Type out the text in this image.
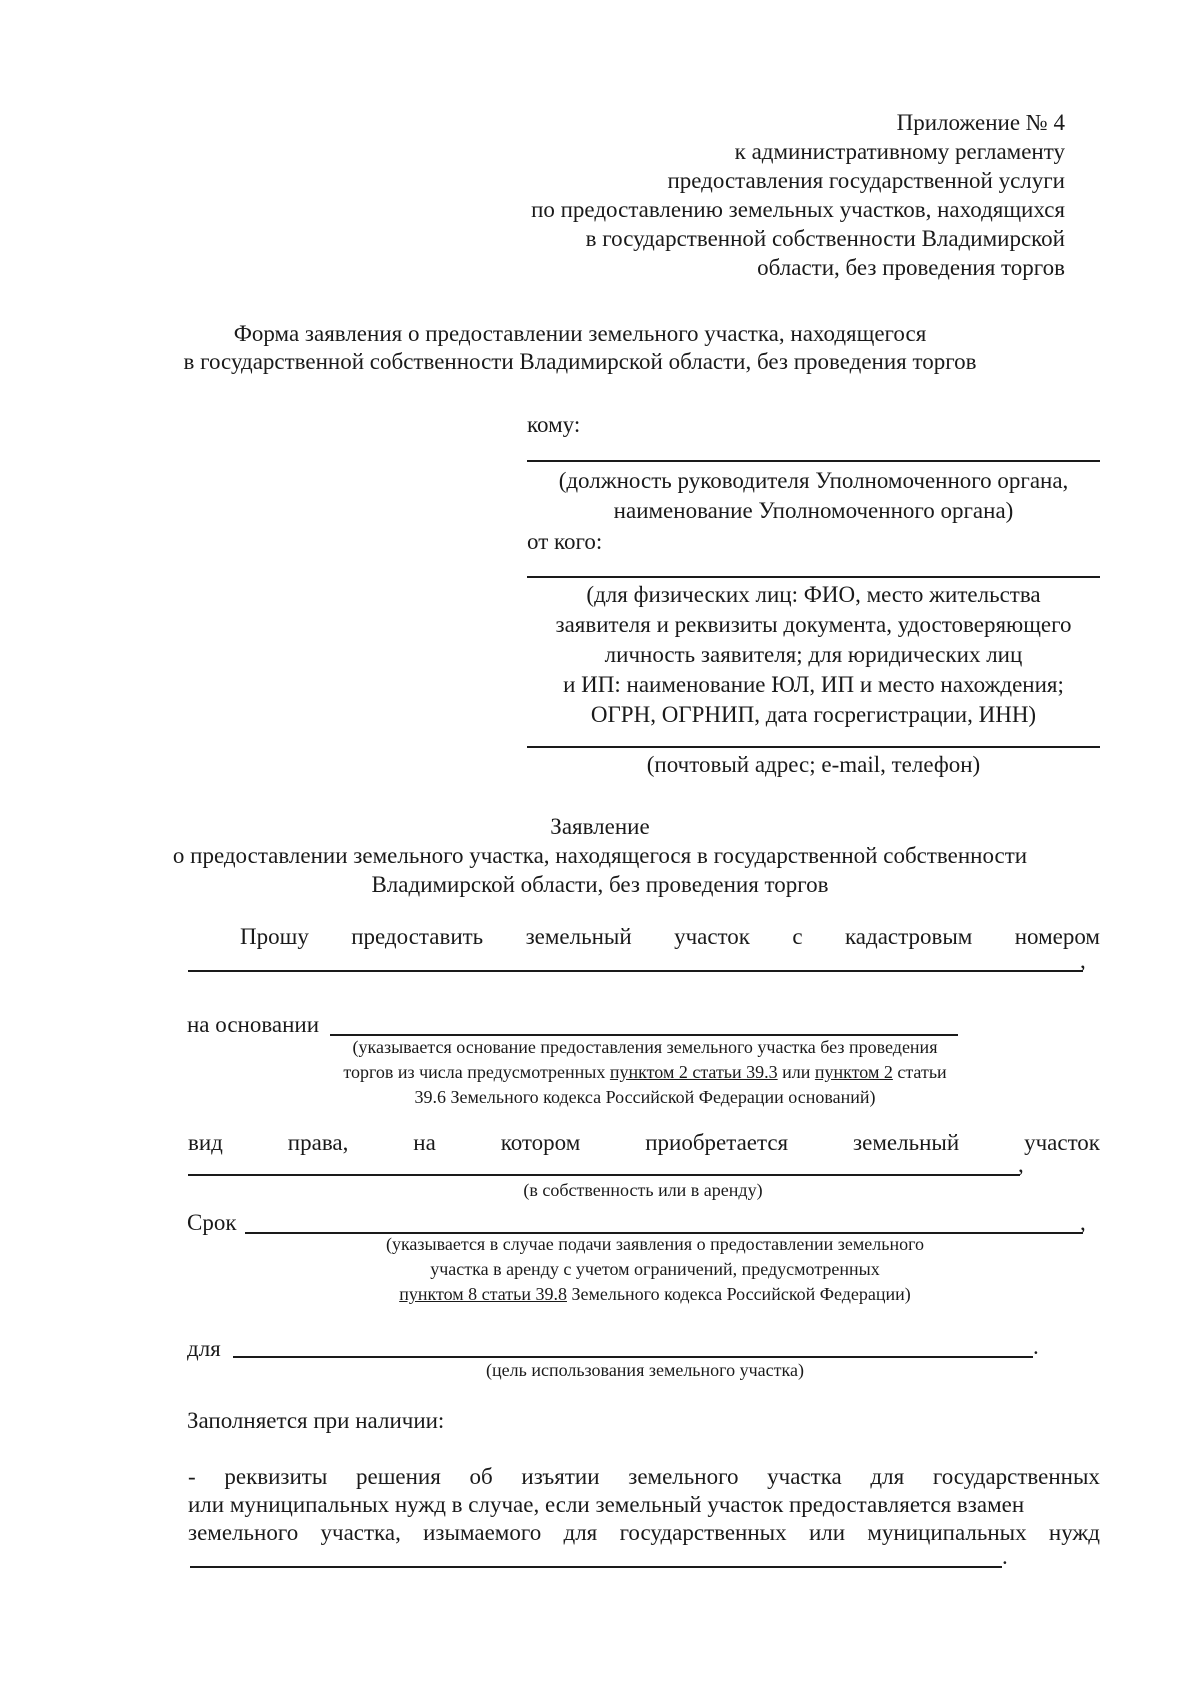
Приложение № 4
к административному регламенту
предоставления государственной услуги
по предоставлению земельных участков, находящихся
в государственной собственности Владимирской
области, без проведения торгов
Форма заявления о предоставлении земельного участка, находящегося
в государственной собственности Владимирской области, без проведения торгов
кому:
(должность руководителя Уполномоченного органа,
наименование Уполномоченного органа)
от кого:
(для физических лиц: ФИО, место жительства
заявителя и реквизиты документа, удостоверяющего
личность заявителя; для юридических лиц
и ИП: наименование ЮЛ, ИП и место нахождения;
ОГРН, ОГРНИП, дата госрегистрации, ИНН)
(почтовый адрес; e-mail, телефон)
Заявление
о предоставлении земельного участка, находящегося в государственной собственности
Владимирской области, без проведения торгов
Прошу предоставить земельный участок с кадастровым номером
,
на основании
(указывается основание предоставления земельного участка без проведения
торгов из числа предусмотренных пунктом 2 статьи 39.3 или пунктом 2 статьи
39.6 Земельного кодекса Российской Федерации оснований)
вид	права,	на	котором	приобретается	земельный	участок
,
(в собственность или в аренду)
Срок	,
(указывается в случае подачи заявления о предоставлении земельного
участка в аренду с учетом ограничений, предусмотренных
пунктом 8 статьи 39.8 Земельного кодекса Российской Федерации)
для	.
(цель использования земельного участка)
Заполняется при наличии:
- реквизиты решения об изъятии земельного участка для государственных
или муниципальных нужд в случае, если земельный участок предоставляется взамен
земельного участка, изымаемого для государственных или муниципальных нужд
.
